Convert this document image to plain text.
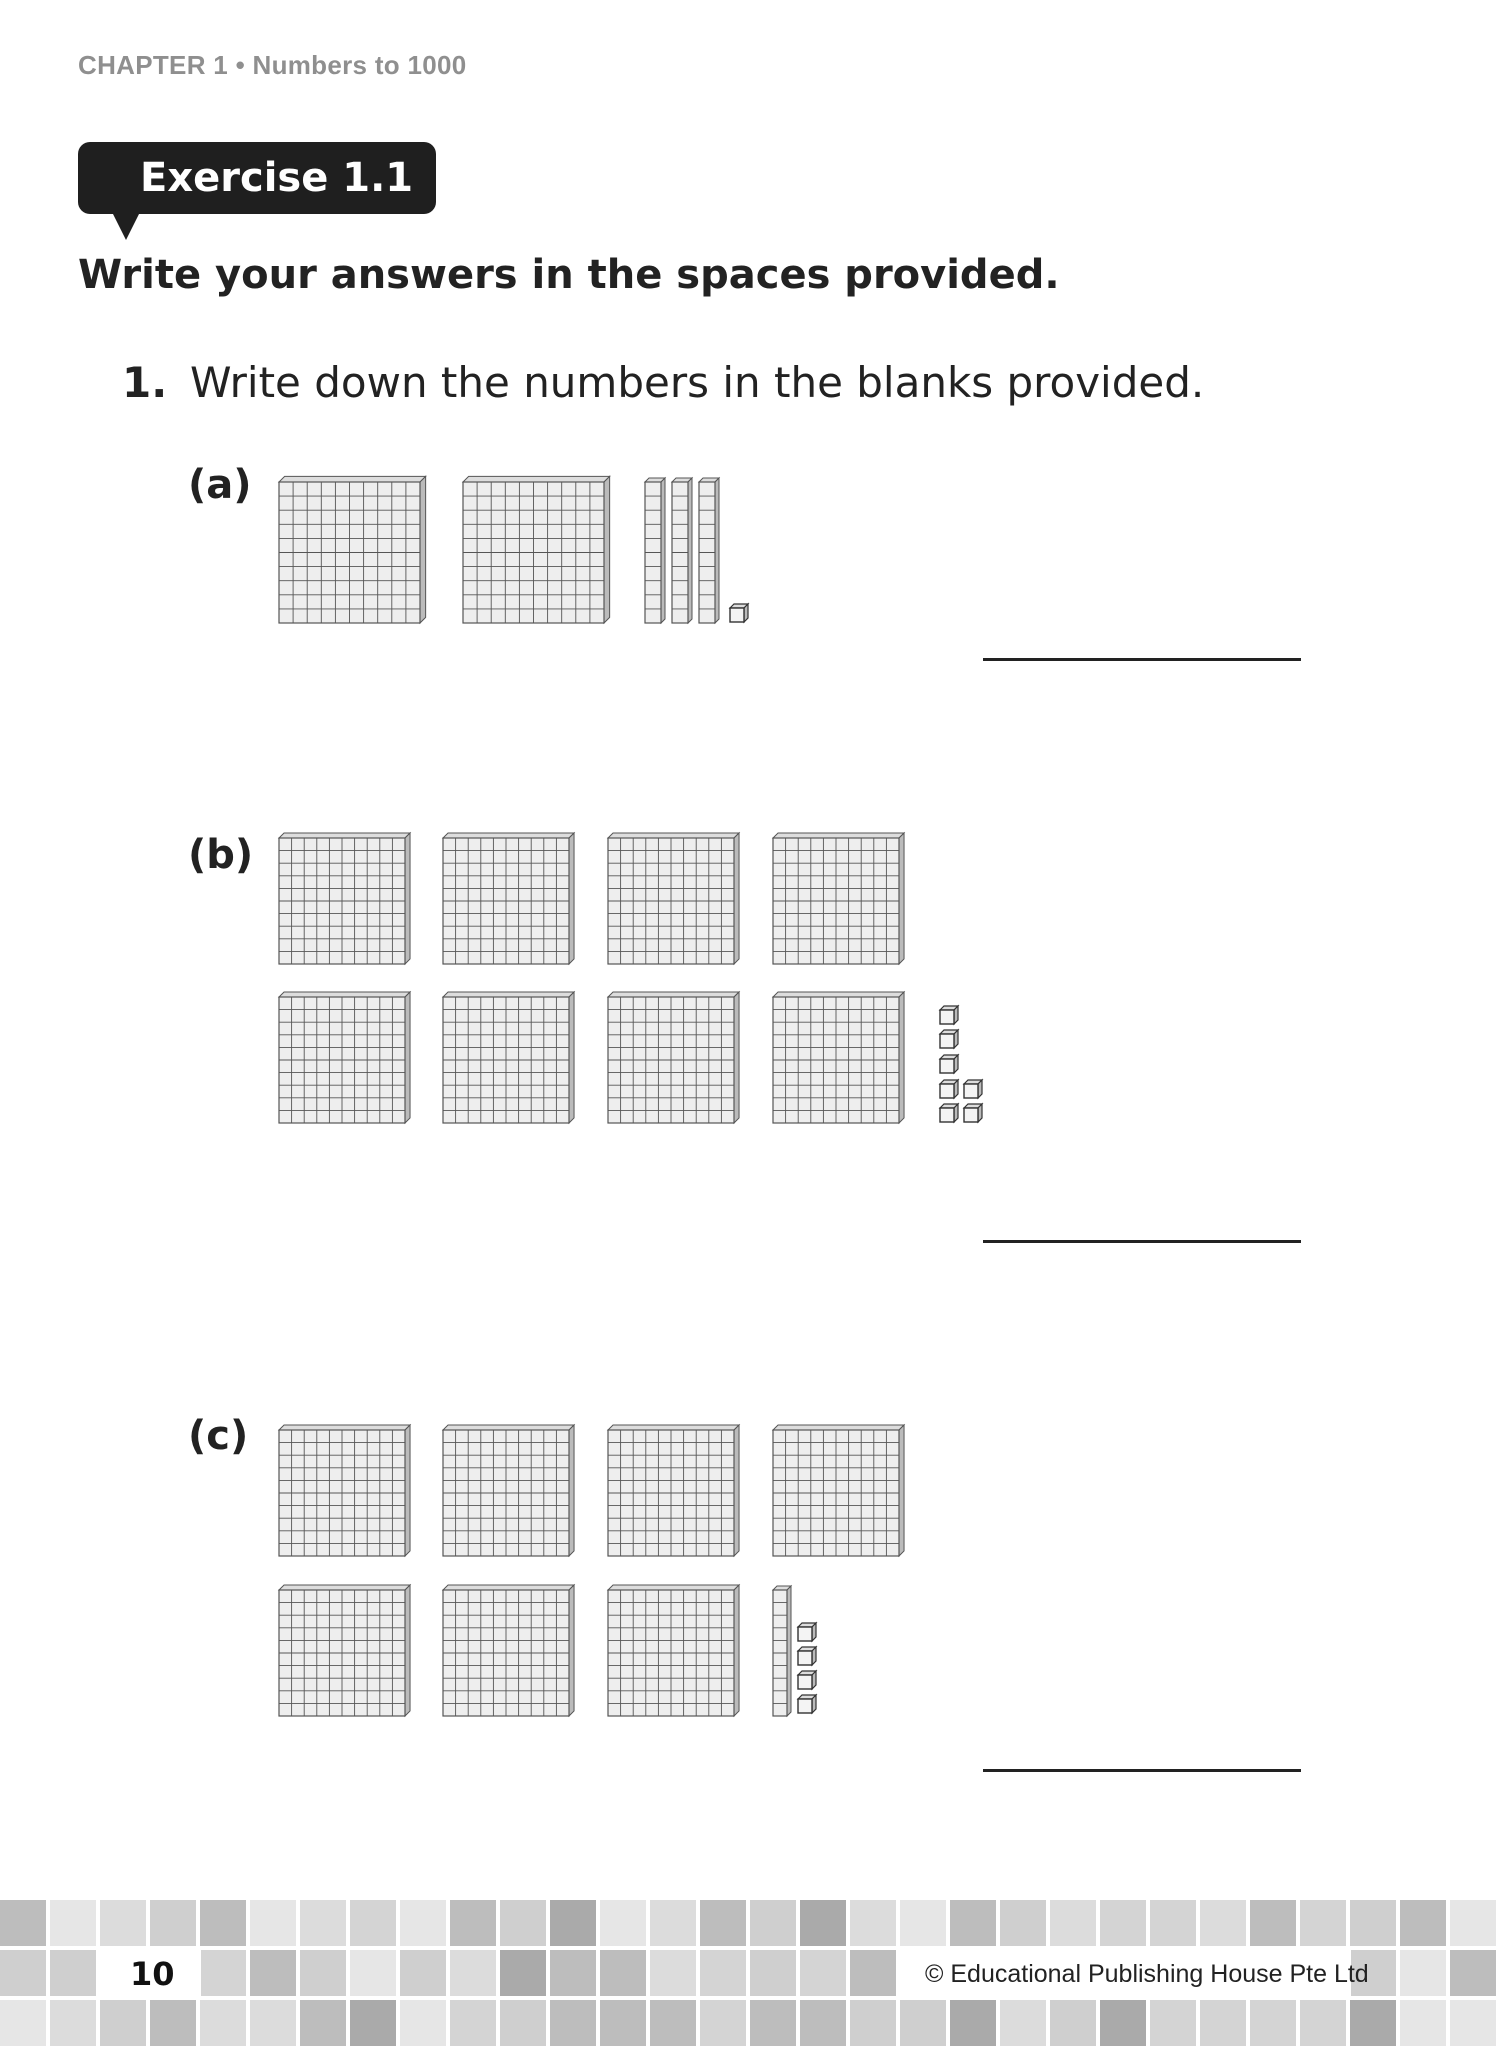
CHAPTER 1 • Numbers to 1000
Exercise 1.1
Write your answers in the spaces provided.
1. Write down the numbers in the blanks provided.
(a)
(b)
(c)
10	© Educational Publishing House Pte Ltd
